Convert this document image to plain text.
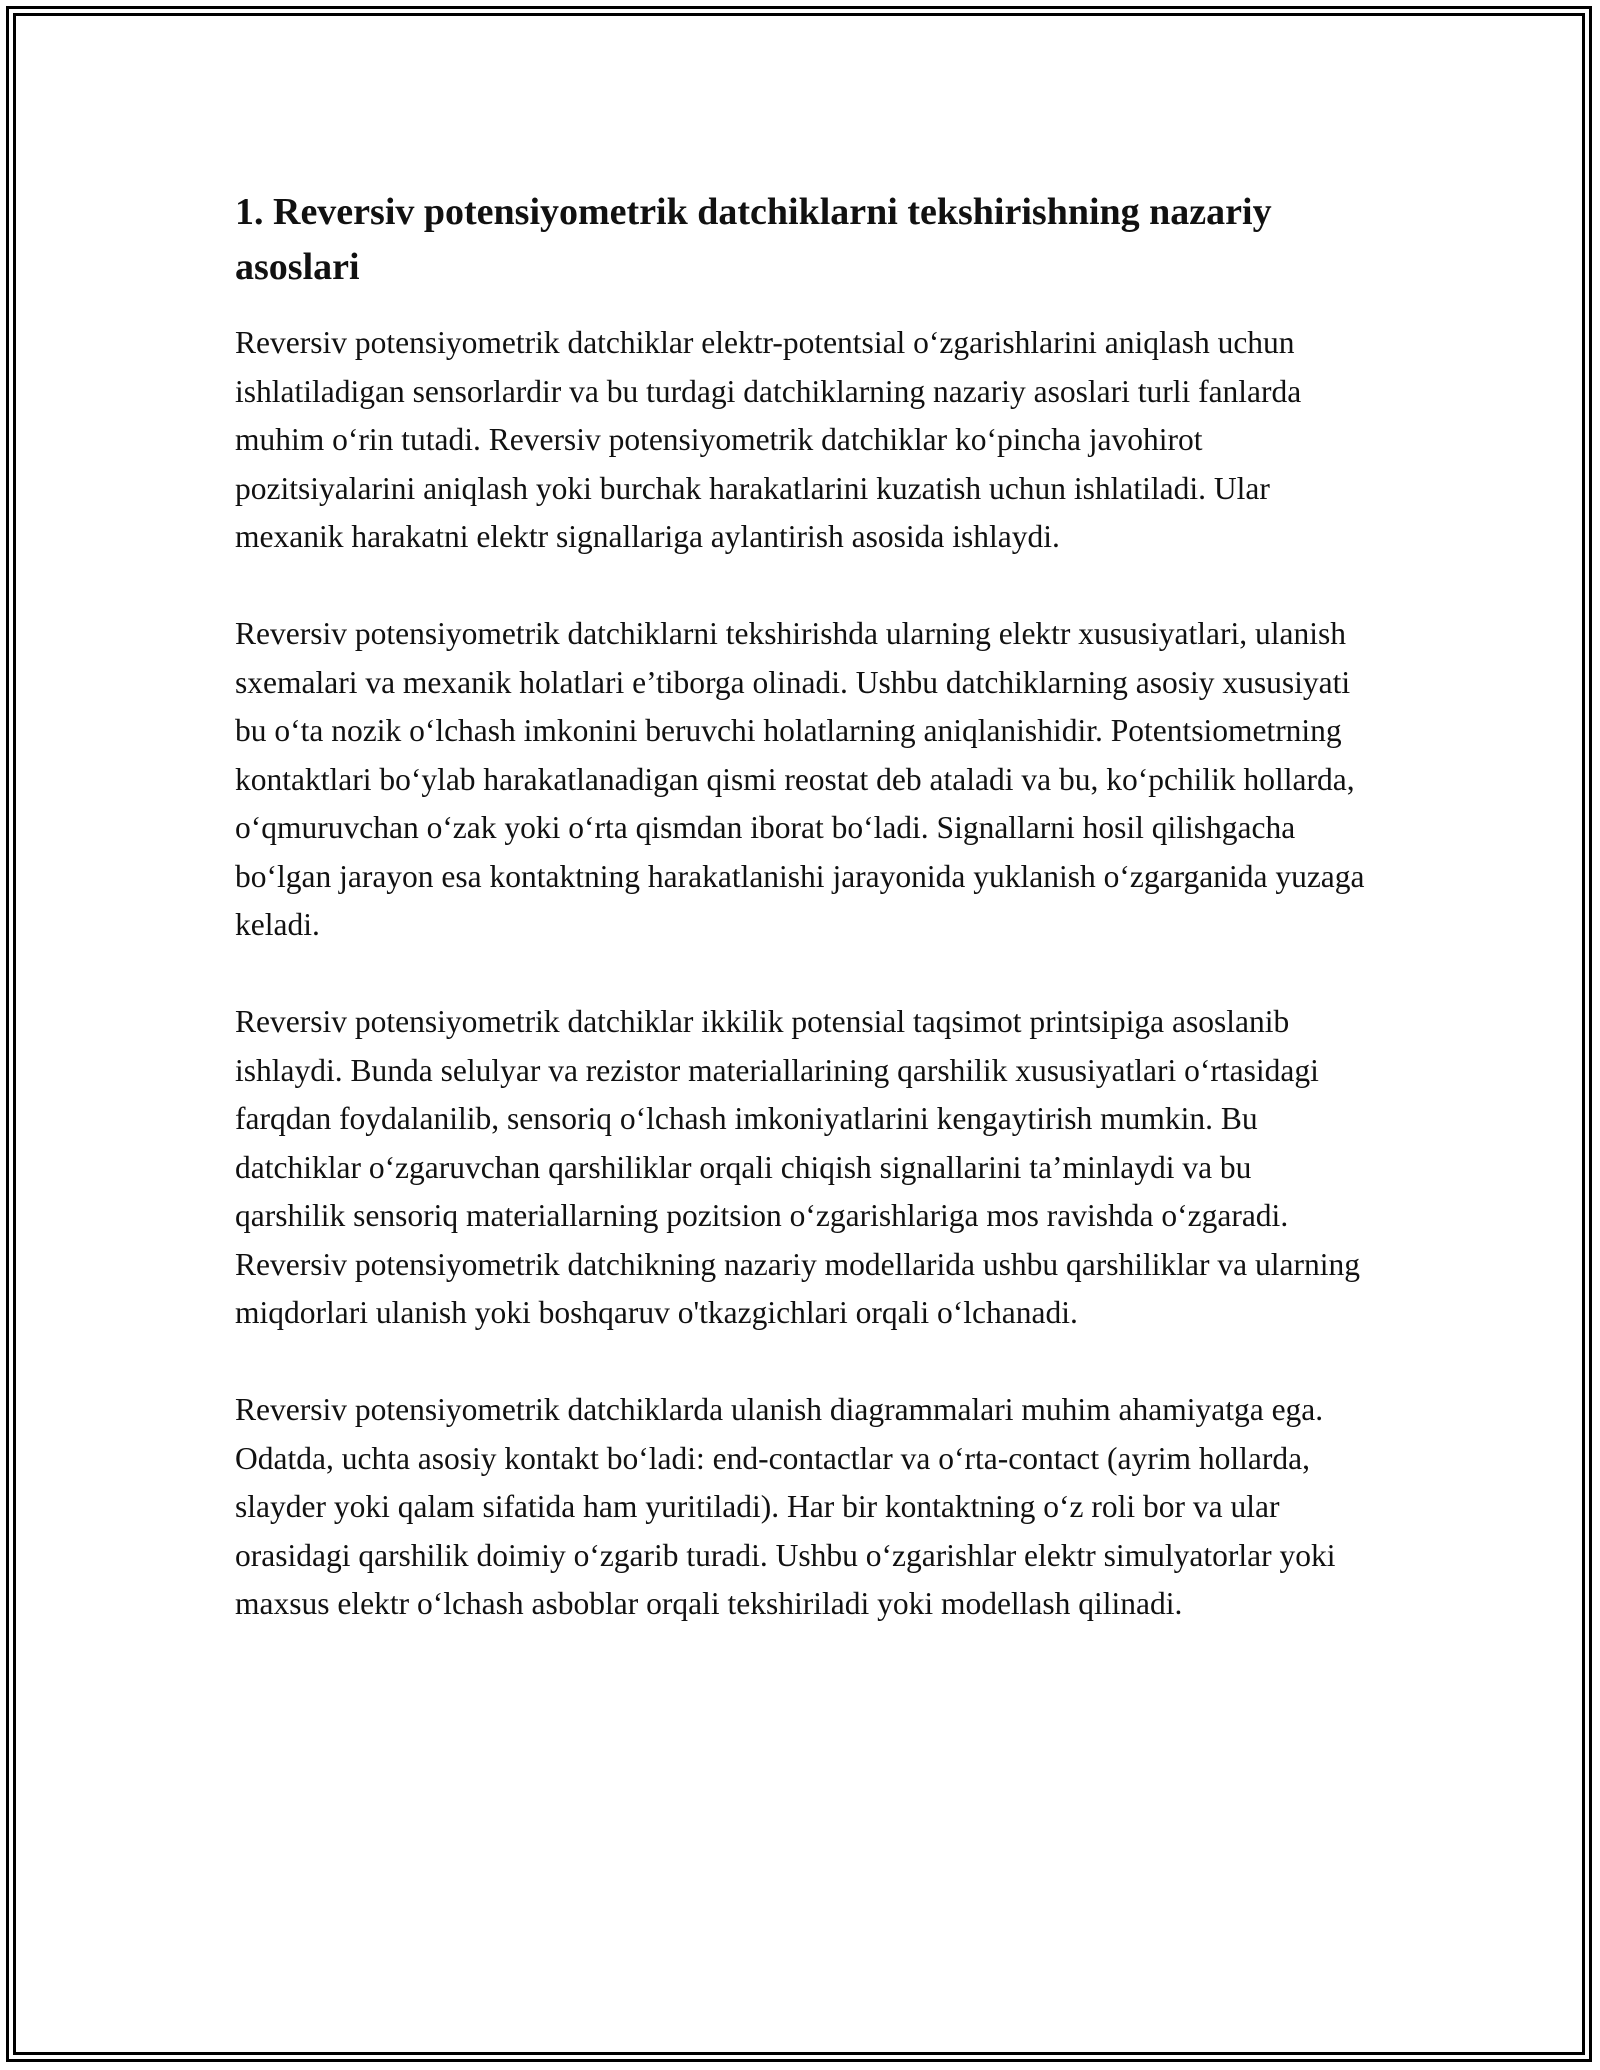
1. Reversiv potensiyometrik datchiklarni tekshirishning nazariy asoslari

Reversiv potensiyometrik datchiklar elektr-potentsial o‘zgarishlarini aniqlash uchun ishlatiladigan sensorlardir va bu turdagi datchiklarning nazariy asoslari turli fanlarda muhim o‘rin tutadi. Reversiv potensiyometrik datchiklar ko‘pincha javohirot pozitsiyalarini aniqlash yoki burchak harakatlarini kuzatish uchun ishlatiladi. Ular mexanik harakatni elektr signallariga aylantirish asosida ishlaydi.

Reversiv potensiyometrik datchiklarni tekshirishda ularning elektr xususiyatlari, ulanish sxemalari va mexanik holatlari e’tiborga olinadi. Ushbu datchiklarning asosiy xususiyati bu o‘ta nozik o‘lchash imkonini beruvchi holatlarning aniqlanishidir. Potentsiometrning kontaktlari bo‘ylab harakatlanadigan qismi reostat deb ataladi va bu, ko‘pchilik hollarda, o‘qmuruvchan o‘zak yoki o‘rta qismdan iborat bo‘ladi. Signallarni hosil qilishgacha bo‘lgan jarayon esa kontaktning harakatlanishi jarayonida yuklanish o‘zgarganida yuzaga keladi.

Reversiv potensiyometrik datchiklar ikkilik potensial taqsimot printsipiga asoslanib ishlaydi. Bunda selulyar va rezistor materiallarining qarshilik xususiyatlari o‘rtasidagi farqdan foydalanilib, sensoriq o‘lchash imkoniyatlarini kengaytirish mumkin. Bu datchiklar o‘zgaruvchan qarshiliklar orqali chiqish signallarini ta’minlaydi va bu qarshilik sensoriq materiallarning pozitsion o‘zgarishlariga mos ravishda o‘zgaradi. Reversiv potensiyometrik datchikning nazariy modellarida ushbu qarshiliklar va ularning miqdorlari ulanish yoki boshqaruv o'tkazgichlari orqali o‘lchanadi.

Reversiv potensiyometrik datchiklarda ulanish diagrammalari muhim ahamiyatga ega. Odatda, uchta asosiy kontakt bo‘ladi: end-contactlar va o‘rta-contact (ayrim hollarda, slayder yoki qalam sifatida ham yuritiladi). Har bir kontaktning o‘z roli bor va ular orasidagi qarshilik doimiy o‘zgarib turadi. Ushbu o‘zgarishlar elektr simulyatorlar yoki maxsus elektr o‘lchash asboblar orqali tekshiriladi yoki modellash qilinadi.
